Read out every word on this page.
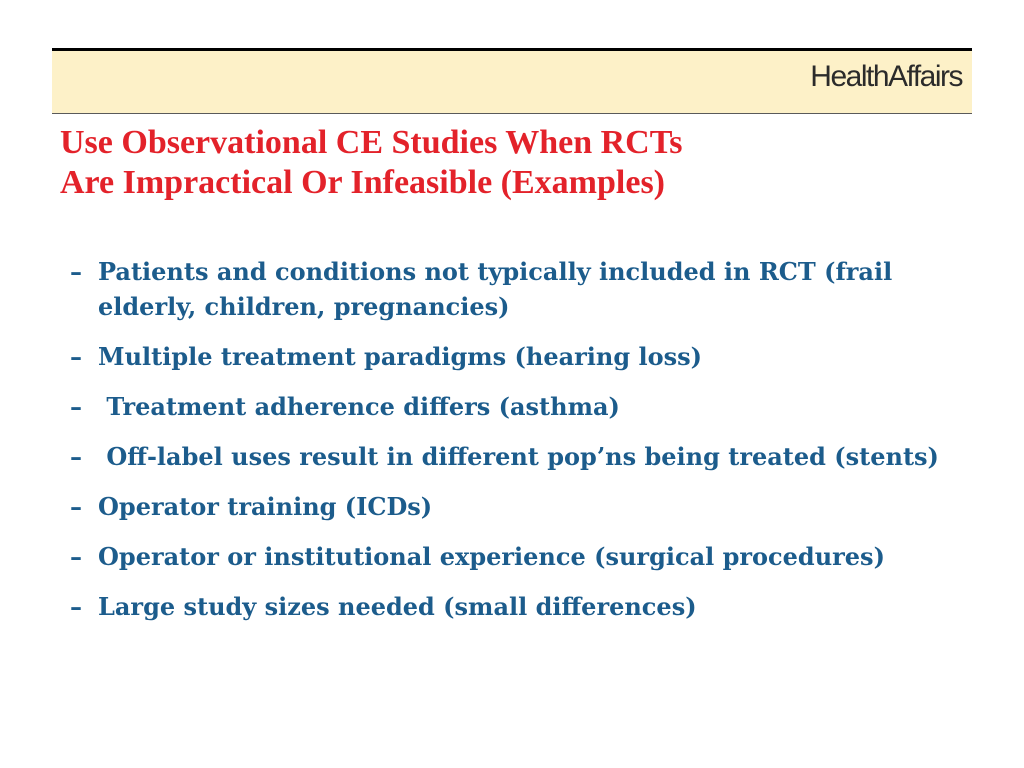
HealthAffairs
Use Observational CE Studies When RCTs
Are Impractical Or Infeasible (Examples)
– Patients and conditions not typically included in RCT (frail elderly, children, pregnancies)
– Multiple treatment paradigms (hearing loss)
– Treatment adherence differs (asthma)
– Off-label uses result in different pop’ns being treated (stents)
– Operator training (ICDs)
– Operator or institutional experience (surgical procedures)
– Large study sizes needed (small differences)
